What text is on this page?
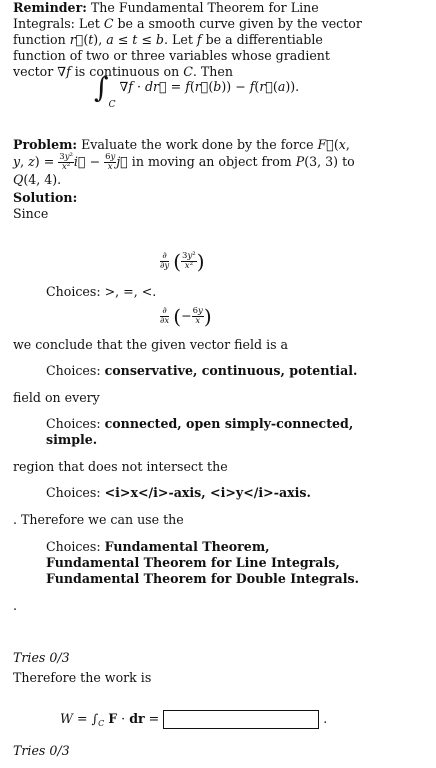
Reminder: The Fundamental Theorem for Line Integrals: Let C be a smooth curve given by the vector function r⃗(t), a ≤ t ≤ b. Let f be a differentiable function of two or three variables whose gradient vector ∇f is continuous on C. Then

$\int_C$ ∇f · dr⃗ = f(r⃗(b)) − f(r⃗(a)).

Problem: Evaluate the work done by the force F⃗(x, y, $z) = \frac{\text{3y²}}{\text{x²}}$ i⃗ − $\frac{6y}{x}$ j⃗ in moving an object from P(3, 3) to Q(4, 4).

Solution:

Since

$\frac{\partial}{\partial y}$ ( $\frac{\text{3y²}}{\text{x²}}$ )
Choices: >, =, <.
$\frac{\partial}{\partial x}$ (− $\frac{6y}{x}$ )
we conclude that the given vector field is a
Choices: conservative, continuous, potential.
field on every
Choices: connected, open simply-connected, simple.
region that does not intersect the
Choices: <i>x</i>-axis, <i>y</i>-axis.
. Therefore we can use the
Choices: Fundamental Theorem, Fundamental Theorem for Line Integrals, Fundamental Theorem for Double Integrals.
.
Tries 0/3
Therefore the work is
$W = \int_C$ F · dr =	.
Tries 0/3
